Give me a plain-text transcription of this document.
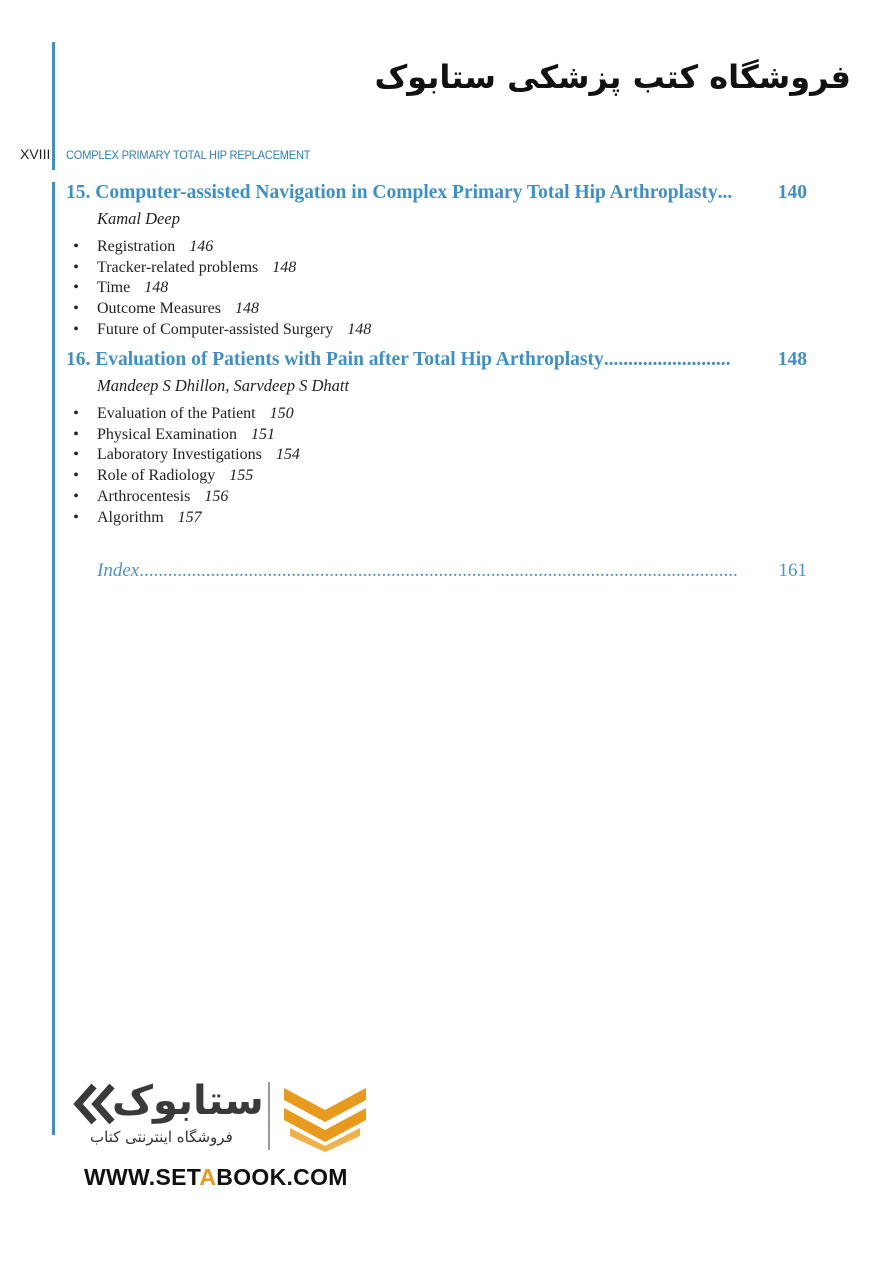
فروشگاه کتب پزشکی ستابوک
XVIII COMPLEX PRIMARY TOTAL HIP REPLACEMENT
15. Computer-assisted Navigation in Complex Primary Total Hip Arthroplasty ...	140
Kamal Deep
• Registration 146
• Tracker-related problems 148
• Time 148
• Outcome Measures 148
• Future of Computer-assisted Surgery 148
16. Evaluation of Patients with Pain after Total Hip Arthroplasty ..........................	148
Mandeep S Dhillon, Sarvdeep S Dhatt
• Evaluation of the Patient 150
• Physical Examination 151
• Laboratory Investigations 154
• Role of Radiology 155
• Arthrocentesis 156
• Algorithm 157
Index ..............................................................................................................................	161
ستابوک
فروشگاه اینترنتی کتاب
WWW.SETABOOK.COM
